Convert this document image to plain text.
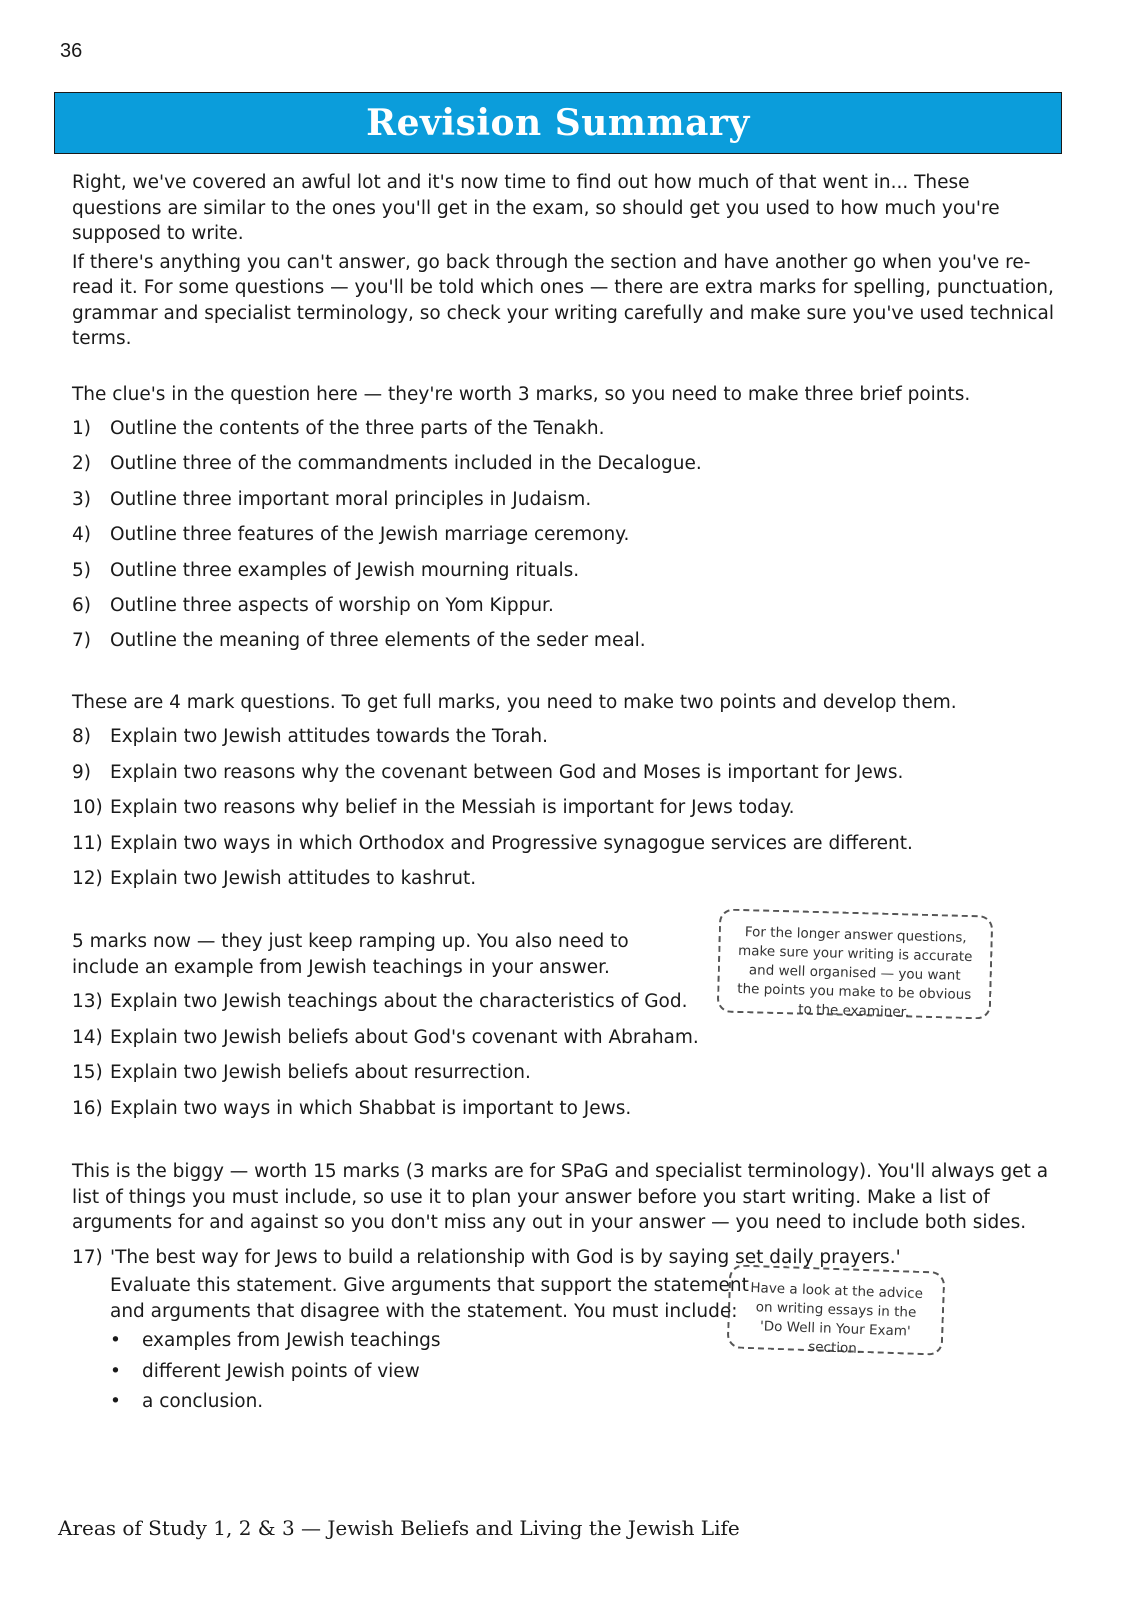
36
Revision Summary

Right, we've covered an awful lot and it's now time to find out how much of that went in... These questions are similar to the ones you'll get in the exam, so should get you used to how much you're supposed to write.

If there's anything you can't answer, go back through the section and have another go when you've re-read it. For some questions — you'll be told which ones — there are extra marks for spelling, punctuation, grammar and specialist terminology, so check your writing carefully and make sure you've used technical terms.

The clue's in the question here — they're worth 3 marks, so you need to make three brief points.

1)	Outline the contents of the three parts of the Tenakh.
2)	Outline three of the commandments included in the Decalogue.
3)	Outline three important moral principles in Judaism.
4)	Outline three features of the Jewish marriage ceremony.
5)	Outline three examples of Jewish mourning rituals.
6)	Outline three aspects of worship on Yom Kippur.
7)	Outline the meaning of three elements of the seder meal.

These are 4 mark questions. To get full marks, you need to make two points and develop them.

8)	Explain two Jewish attitudes towards the Torah.
9)	Explain two reasons why the covenant between God and Moses is important for Jews.
10) Explain two reasons why belief in the Messiah is important for Jews today.
11) Explain two ways in which Orthodox and Progressive synagogue services are different.
12) Explain two Jewish attitudes to kashrut.

5 marks now — they just keep ramping up. You also need to include an example from Jewish teachings in your answer.

13) Explain two Jewish teachings about the characteristics of God.
14) Explain two Jewish beliefs about God's covenant with Abraham.
15) Explain two Jewish beliefs about resurrection.
16) Explain two ways in which Shabbat is important to Jews.

This is the biggy — worth 15 marks (3 marks are for SPaG and specialist terminology). You'll always get a list of things you must include, so use it to plan your answer before you start writing. Make a list of arguments for and against so you don't miss any out in your answer — you need to include both sides.

17) 'The best way for Jews to build a relationship with God is by saying set daily prayers.'

Evaluate this statement. Give arguments that support the statement and arguments that disagree with the statement. You must include:

•	examples from Jewish teachings
•	different Jewish points of view
•	a conclusion.
For the longer answer questions, make sure your writing is accurate and well organised — you want the points you make to be obvious to the examiner.
Have a look at the advice on writing essays in the 'Do Well in Your Exam' section.
Areas of Study 1, 2 & 3 — Jewish Beliefs and Living the Jewish Life
